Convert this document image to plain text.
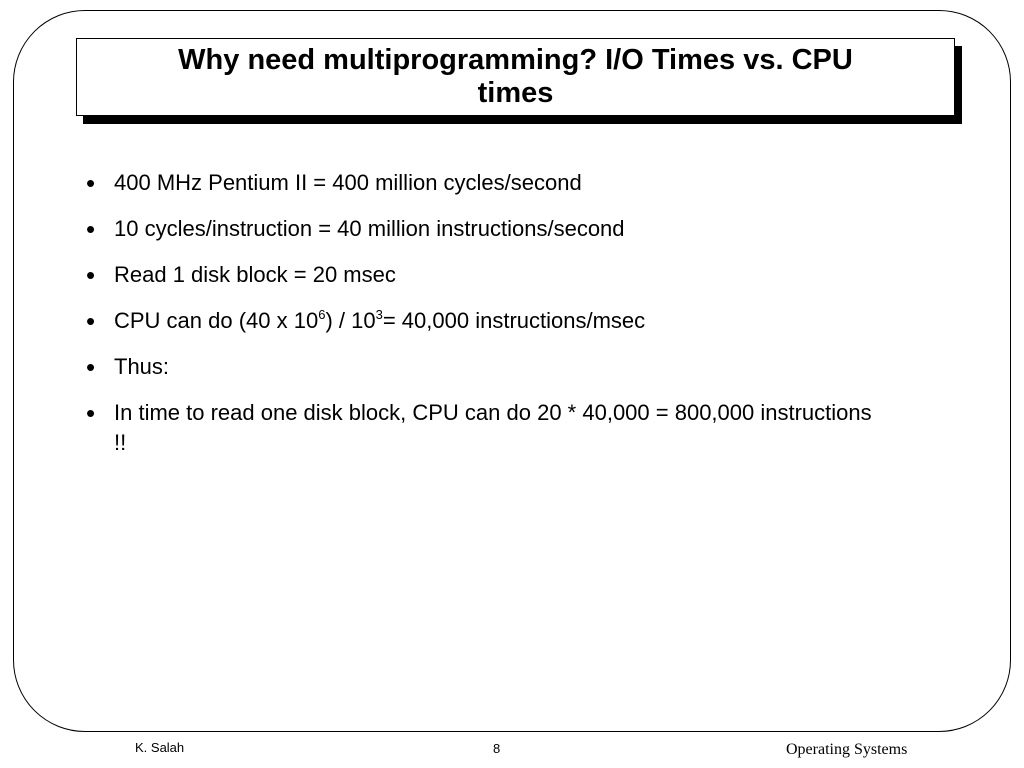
Why need multiprogramming? I/O Times vs. CPU times
• 400 MHz Pentium II = 400 million cycles/second
• 10 cycles/instruction = 40 million instructions/second
• Read 1 disk block = 20 msec
• CPU can do (40 x $10^6) / 10^3= 40,000$ instructions/msec
• Thus:
• In time to read one disk block, CPU can do 20 * 40,000 = 800,000 instructions !!
K. Salah	8	Operating Systems
